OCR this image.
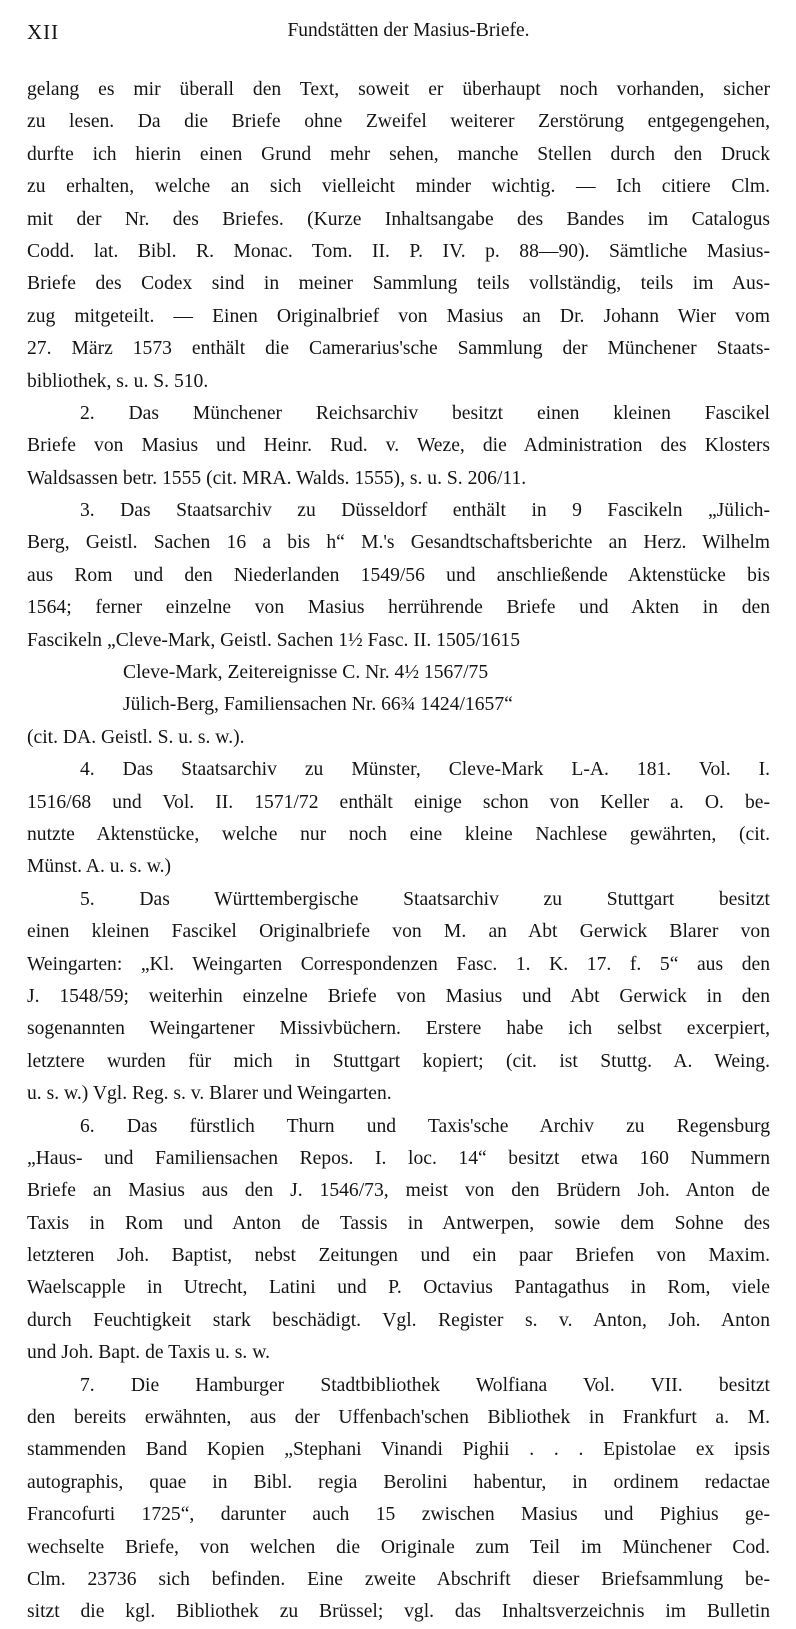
XII	Fundstätten der Masius-Briefe.
gelang es mir überall den Text, soweit er überhaupt noch vorhanden, sicher
zu lesen. Da die Briefe ohne Zweifel weiterer Zerstörung entgegengehen,
durfte ich hierin einen Grund mehr sehen, manche Stellen durch den Druck
zu erhalten, welche an sich vielleicht minder wichtig. — Ich citiere Clm.
mit der Nr. des Briefes. (Kurze Inhaltsangabe des Bandes im Catalogus
Codd. lat. Bibl. R. Monac. Tom. II. P. IV. p. 88—90). Sämtliche Masius-
Briefe des Codex sind in meiner Sammlung teils vollständig, teils im Aus-
zug mitgeteilt. — Einen Originalbrief von Masius an Dr. Johann Wier vom
27. März 1573 enthält die Camerarius'sche Sammlung der Münchener Staats-
bibliothek, s. u. S. 510.
2. Das Münchener Reichsarchiv besitzt einen kleinen Fascikel
Briefe von Masius und Heinr. Rud. v. Weze, die Administration des Klosters
Waldsassen betr. 1555 (cit. MRA. Walds. 1555), s. u. S. 206/11.
3. Das Staatsarchiv zu Düsseldorf enthält in 9 Fascikeln „Jülich-
Berg, Geistl. Sachen 16 a bis h“ M.'s Gesandtschaftsberichte an Herz. Wilhelm
aus Rom und den Niederlanden 1549/56 und anschließende Aktenstücke bis
1564; ferner einzelne von Masius herrührende Briefe und Akten in den
Fascikeln „Cleve-Mark, Geistl. Sachen 1½ Fasc. II. 1505/1615
Cleve-Mark, Zeitereignisse C. Nr. 4½ 1567/75
Jülich-Berg, Familiensachen Nr. 66¾ 1424/1657“
(cit. DA. Geistl. S. u. s. w.).
4. Das Staatsarchiv zu Münster, Cleve-Mark L-A. 181. Vol. I.
1516/68 und Vol. II. 1571/72 enthält einige schon von Keller a. O. be-
nutzte Aktenstücke, welche nur noch eine kleine Nachlese gewährten, (cit.
Münst. A. u. s. w.)
5. Das Württembergische Staatsarchiv zu Stuttgart besitzt
einen kleinen Fascikel Originalbriefe von M. an Abt Gerwick Blarer von
Weingarten: „Kl. Weingarten Correspondenzen Fasc. 1. K. 17. f. 5“ aus den
J. 1548/59; weiterhin einzelne Briefe von Masius und Abt Gerwick in den
sogenannten Weingartener Missivbüchern. Erstere habe ich selbst excerpiert,
letztere wurden für mich in Stuttgart kopiert; (cit. ist Stuttg. A. Weing.
u. s. w.) Vgl. Reg. s. v. Blarer und Weingarten.
6. Das fürstlich Thurn und Taxis'sche Archiv zu Regensburg
„Haus- und Familiensachen Repos. I. loc. 14“ besitzt etwa 160 Nummern
Briefe an Masius aus den J. 1546/73, meist von den Brüdern Joh. Anton de
Taxis in Rom und Anton de Tassis in Antwerpen, sowie dem Sohne des
letzteren Joh. Baptist, nebst Zeitungen und ein paar Briefen von Maxim.
Waelscapple in Utrecht, Latini und P. Octavius Pantagathus in Rom, viele
durch Feuchtigkeit stark beschädigt. Vgl. Register s. v. Anton, Joh. Anton
und Joh. Bapt. de Taxis u. s. w.
7. Die Hamburger Stadtbibliothek Wolfiana Vol. VII. besitzt
den bereits erwähnten, aus der Uffenbach'schen Bibliothek in Frankfurt a. M.
stammenden Band Kopien „Stephani Vinandi Pighii . . . Epistolae ex ipsis
autographis, quae in Bibl. regia Berolini habentur, in ordinem redactae
Francofurti 1725“, darunter auch 15 zwischen Masius und Pighius ge-
wechselte Briefe, von welchen die Originale zum Teil im Münchener Cod.
Clm. 23736 sich befinden. Eine zweite Abschrift dieser Briefsammlung be-
sitzt die kgl. Bibliothek zu Brüssel; vgl. das Inhaltsverzeichnis im Bulletin
